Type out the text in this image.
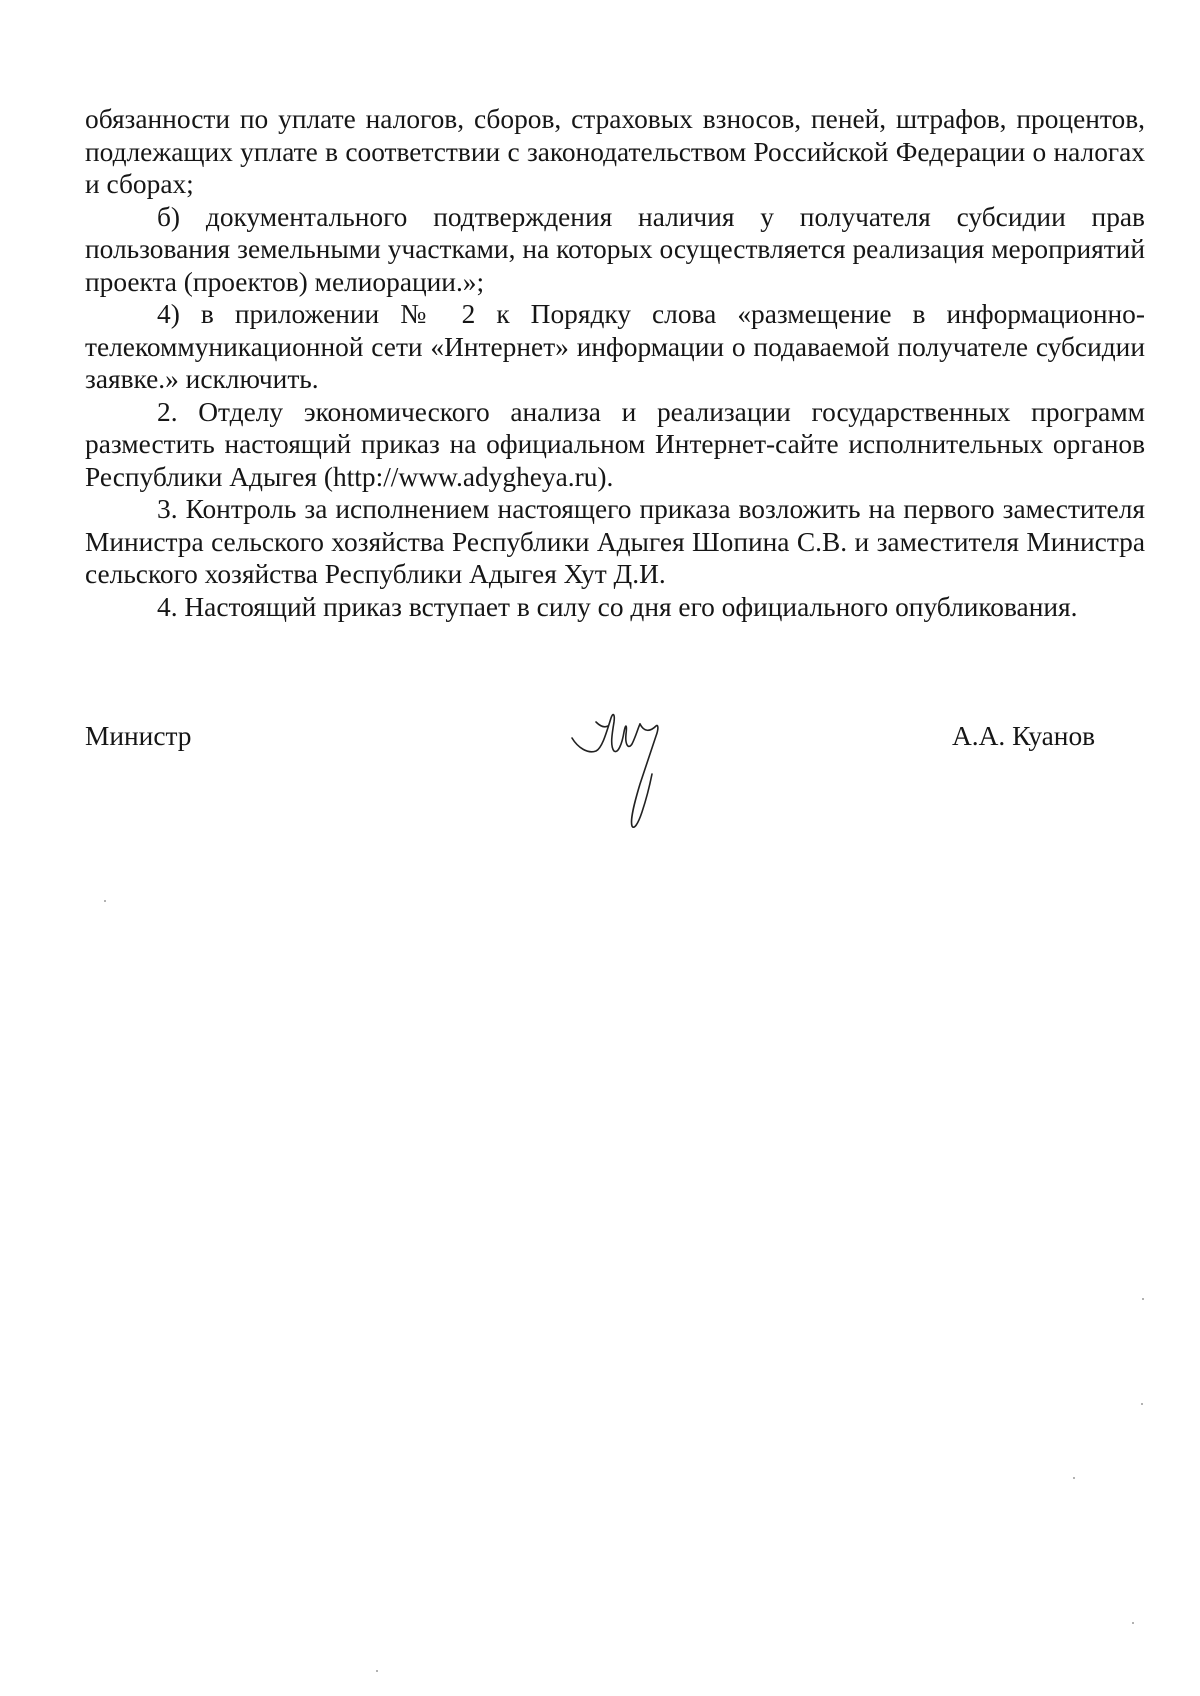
обязанности по уплате налогов, сборов, страховых взносов, пеней, штрафов, процентов, подлежащих уплате в соответствии с законодательством Российской Федерации о налогах и сборах;

б) документального подтверждения наличия у получателя субсидии прав пользования земельными участками, на которых осуществляется реализация мероприятий проекта (проектов) мелиорации.»;

4) в приложении № 2 к Порядку слова «размещение в информационно-телекоммуникационной сети «Интернет» информации о подаваемой получателе субсидии заявке.» исключить.

2. Отделу экономического анализа и реализации государственных программ разместить настоящий приказ на официальном Интернет-сайте исполнительных органов Республики Адыгея (http://www.adygheya.ru).

3. Контроль за исполнением настоящего приказа возложить на первого заместителя Министра сельского хозяйства Республики Адыгея Шопина С.В. и заместителя Министра сельского хозяйства Республики Адыгея Хут Д.И.

4. Настоящий приказ вступает в силу со дня его официального опубликования.

Министр	А.А. Куанов
